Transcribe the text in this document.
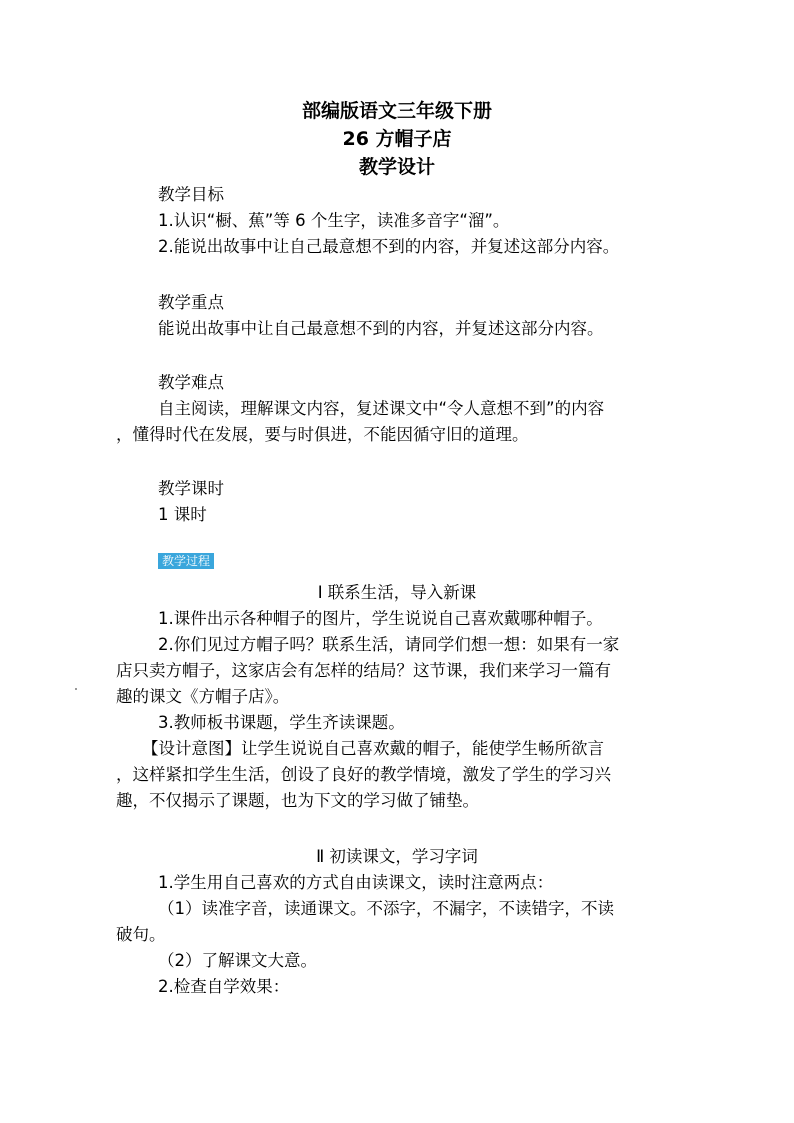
部编版语文三年级下册
26 方帽子店
教学设计
教学目标
1.认识“橱、蕉”等 6 个生字，读准多音字“溜”。
2.能说出故事中让自己最意想不到的内容，并复述这部分内容。
教学重点
能说出故事中让自己最意想不到的内容，并复述这部分内容。
教学难点
自主阅读，理解课文内容，复述课文中“令人意想不到”的内容
，懂得时代在发展，要与时俱进，不能因循守旧的道理。
教学课时
1 课时
教学过程
Ⅰ 联系生活，导入新课
1.课件出示各种帽子的图片，学生说说自己喜欢戴哪种帽子。
2.你们见过方帽子吗？联系生活，请同学们想一想：如果有一家
店只卖方帽子，这家店会有怎样的结局？这节课，我们来学习一篇有
趣的课文《方帽子店》。
3.教师板书课题，学生齐读课题。
【设计意图】让学生说说自己喜欢戴的帽子，能使学生畅所欲言
，这样紧扣学生生活，创设了良好的教学情境，激发了学生的学习兴
趣，不仅揭示了课题，也为下文的学习做了铺垫。
Ⅱ 初读课文，学习字词
1.学生用自己喜欢的方式自由读课文，读时注意两点：
（1）读准字音，读通课文。不添字，不漏字，不读错字，不读
破句。
（2）了解课文大意。
2.检查自学效果：
